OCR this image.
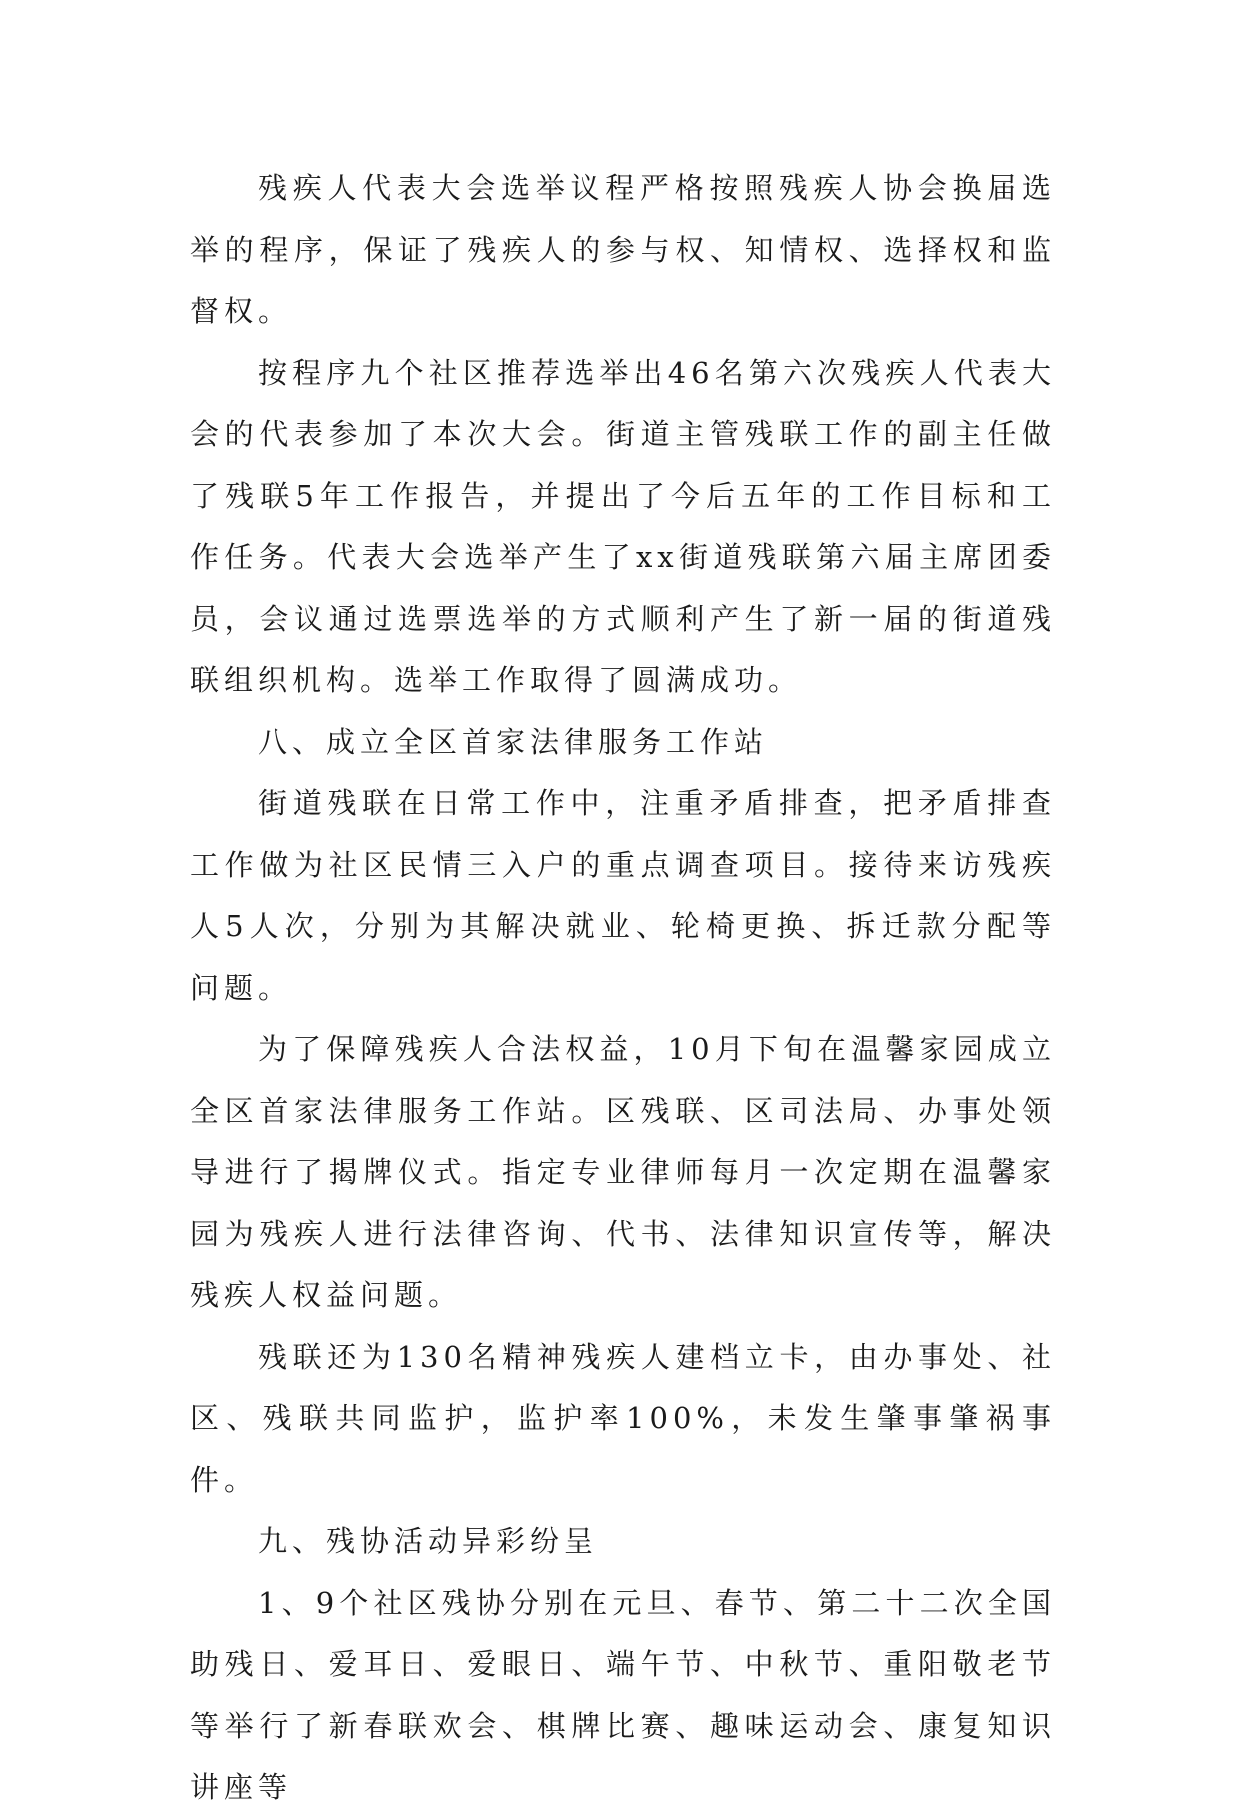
残疾人代表大会选举议程严格按照残疾人协会换届选举的程序，保证了残疾人的参与权、知情权、选择权和监督权。

按程序九个社区推荐选举出46名第六次残疾人代表大会的代表参加了本次大会。街道主管残联工作的副主任做了残联5年工作报告，并提出了今后五年的工作目标和工作任务。代表大会选举产生了xx街道残联第六届主席团委员，会议通过选票选举的方式顺利产生了新一届的街道残联组织机构。选举工作取得了圆满成功。

八、成立全区首家法律服务工作站

街道残联在日常工作中，注重矛盾排查，把矛盾排查工作做为社区民情三入户的重点调查项目。接待来访残疾人5人次，分别为其解决就业、轮椅更换、拆迁款分配等问题。

为了保障残疾人合法权益，10月下旬在温馨家园成立全区首家法律服务工作站。区残联、区司法局、办事处领导进行了揭牌仪式。指定专业律师每月一次定期在温馨家园为残疾人进行法律咨询、代书、法律知识宣传等，解决残疾人权益问题。

残联还为130名精神残疾人建档立卡，由办事处、社区、残联共同监护，监护率100%，未发生肇事肇祸事件。

九、残协活动异彩纷呈

1、9个社区残协分别在元旦、春节、第二十二次全国助残日、爱耳日、爱眼日、端午节、中秋节、重阳敬老节等举行了新春联欢会、棋牌比赛、趣味运动会、康复知识讲座等
